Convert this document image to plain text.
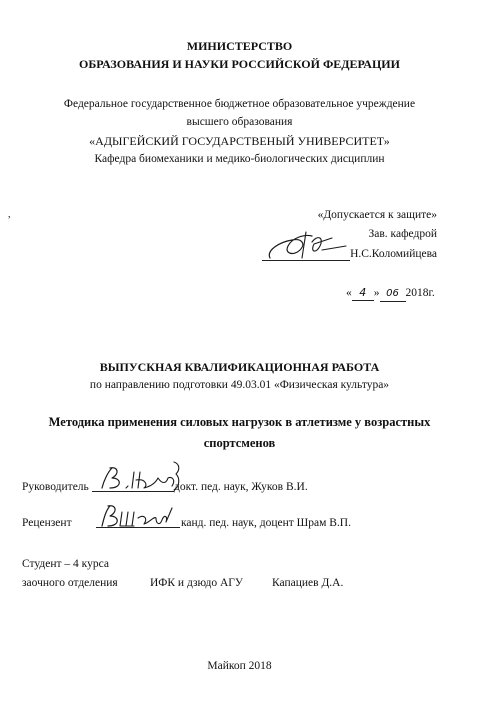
МИНИСТЕРСТВО
ОБРАЗОВАНИЯ И НАУКИ РОССИЙСКОЙ ФЕДЕРАЦИИ
Федеральное государственное бюджетное образовательное учреждение
высшего образования
«АДЫГЕЙСКИЙ ГОСУДАРСТВЕНЫЙ УНИВЕРСИТЕТ»
Кафедра биомеханики и медико-биологических дисциплин
,	«Допускается к защите»
Зав. кафедрой
Н.С.Коломийцева
« 4 » 06 2018г.
ВЫПУСКНАЯ КВАЛИФИКАЦИОННАЯ РАБОТА
по направлению подготовки 49.03.01 «Физическая культура»
Методика применения силовых нагрузок в атлетизме у возрастных
спортсменов
Руководитель	докт. пед. наук, Жуков В.И.
Рецензент	канд. пед. наук, доцент Шрам В.П.
Студент – 4 курса
заочного отделения	ИФК и дзюдо АГУ	Капациев Д.А.
Майкоп 2018
